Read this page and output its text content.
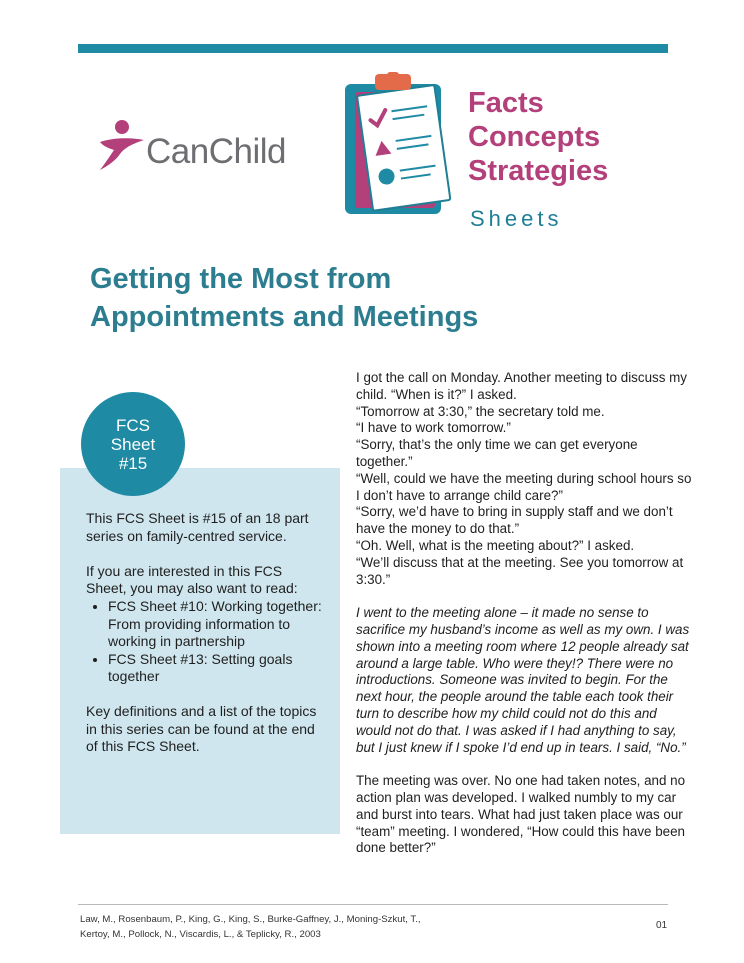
CanChild
Facts
Concepts
Strategies
Sheets
Getting the Most from
Appointments and Meetings
FCS
Sheet
#15

This FCS Sheet is #15 of an 18 part series on family-centred service.

If you are interested in this FCS Sheet, you may also want to read:

• FCS Sheet #10: Working together: From providing information to working in partnership
• FCS Sheet #13: Setting goals together

Key definitions and a list of the topics in this series can be found at the end of this FCS Sheet.

I got the call on Monday. Another meeting to discuss my child. “When is it?” I asked.

“Tomorrow at 3:30,” the secretary told me.

“I have to work tomorrow.”

“Sorry, that’s the only time we can get everyone together.”

“Well, could we have the meeting during school hours so I don’t have to arrange child care?”

“Sorry, we’d have to bring in supply staff and we don’t have the money to do that.”

“Oh. Well, what is the meeting about?” I asked.

“We’ll discuss that at the meeting. See you tomorrow at 3:30.”

I went to the meeting alone – it made no sense to sacrifice my husband’s income as well as my own. I was shown into a meeting room where 12 people already sat around a large table. Who were they!? There were no introductions. Someone was invited to begin. For the next hour, the people around the table each took their turn to describe how my child could not do this and would not do that. I was asked if I had anything to say, but I just knew if I spoke I’d end up in tears. I said, “No.”

The meeting was over. No one had taken notes, and no action plan was developed. I walked numbly to my car and burst into tears. What had just taken place was our “team” meeting. I wondered, “How could this have been done better?”

Law, M., Rosenbaum, P., King, G., King, S., Burke-Gaffney, J., Moning-Szkut, T.,
Kertoy, M., Pollock, N., Viscardis, L., & Teplicky, R., 2003
01
